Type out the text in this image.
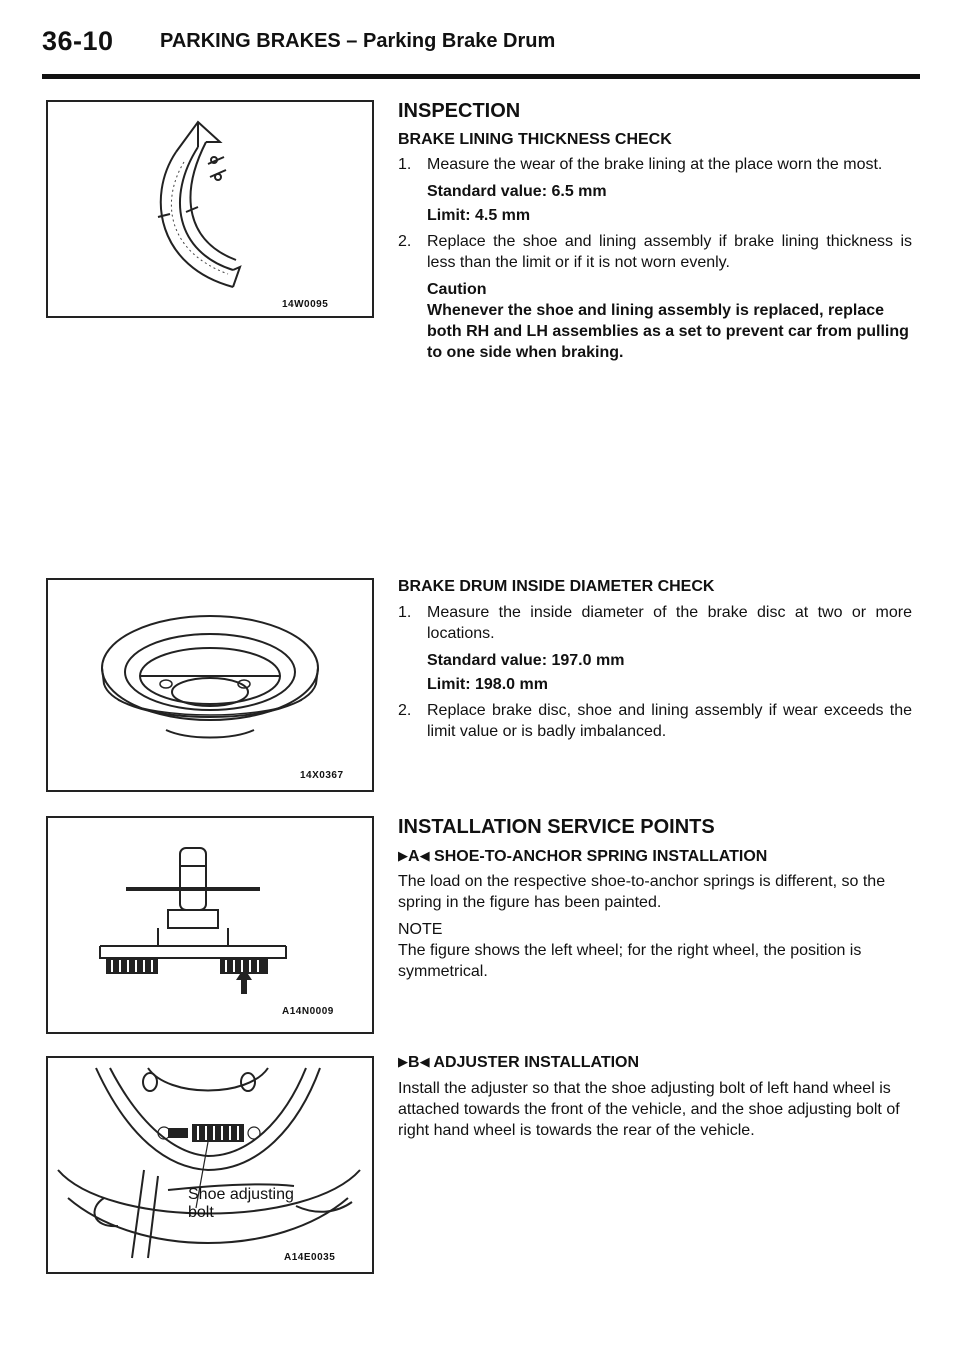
36-10 PARKING BRAKES – Parking Brake Drum
14W0095
14X0367
A14N0009
Shoe adjusting bolt
A14E0035

INSPECTION

BRAKE LINING THICKNESS CHECK

1. Measure the wear of the brake lining at the place worn the most.

Standard value: 6.5 mm

Limit: 4.5 mm

2. Replace the shoe and lining assembly if brake lining thickness is less than the limit or if it is not worn evenly.

Caution

Whenever the shoe and lining assembly is replaced, replace both RH and LH assemblies as a set to prevent car from pulling to one side when braking.

BRAKE DRUM INSIDE DIAMETER CHECK

1. Measure the inside diameter of the brake disc at two or more locations.

Standard value: 197.0 mm

Limit: 198.0 mm

2. Replace brake disc, shoe and lining assembly if wear exceeds the limit value or is badly imbalanced.

INSTALLATION SERVICE POINTS

▶A◀ SHOE-TO-ANCHOR SPRING INSTALLATION

The load on the respective shoe-to-anchor springs is different, so the spring in the figure has been painted.

NOTE

The figure shows the left wheel; for the right wheel, the position is symmetrical.

▶B◀ ADJUSTER INSTALLATION

Install the adjuster so that the shoe adjusting bolt of left hand wheel is attached towards the front of the vehicle, and the shoe adjusting bolt of right hand wheel is towards the rear of the vehicle.
